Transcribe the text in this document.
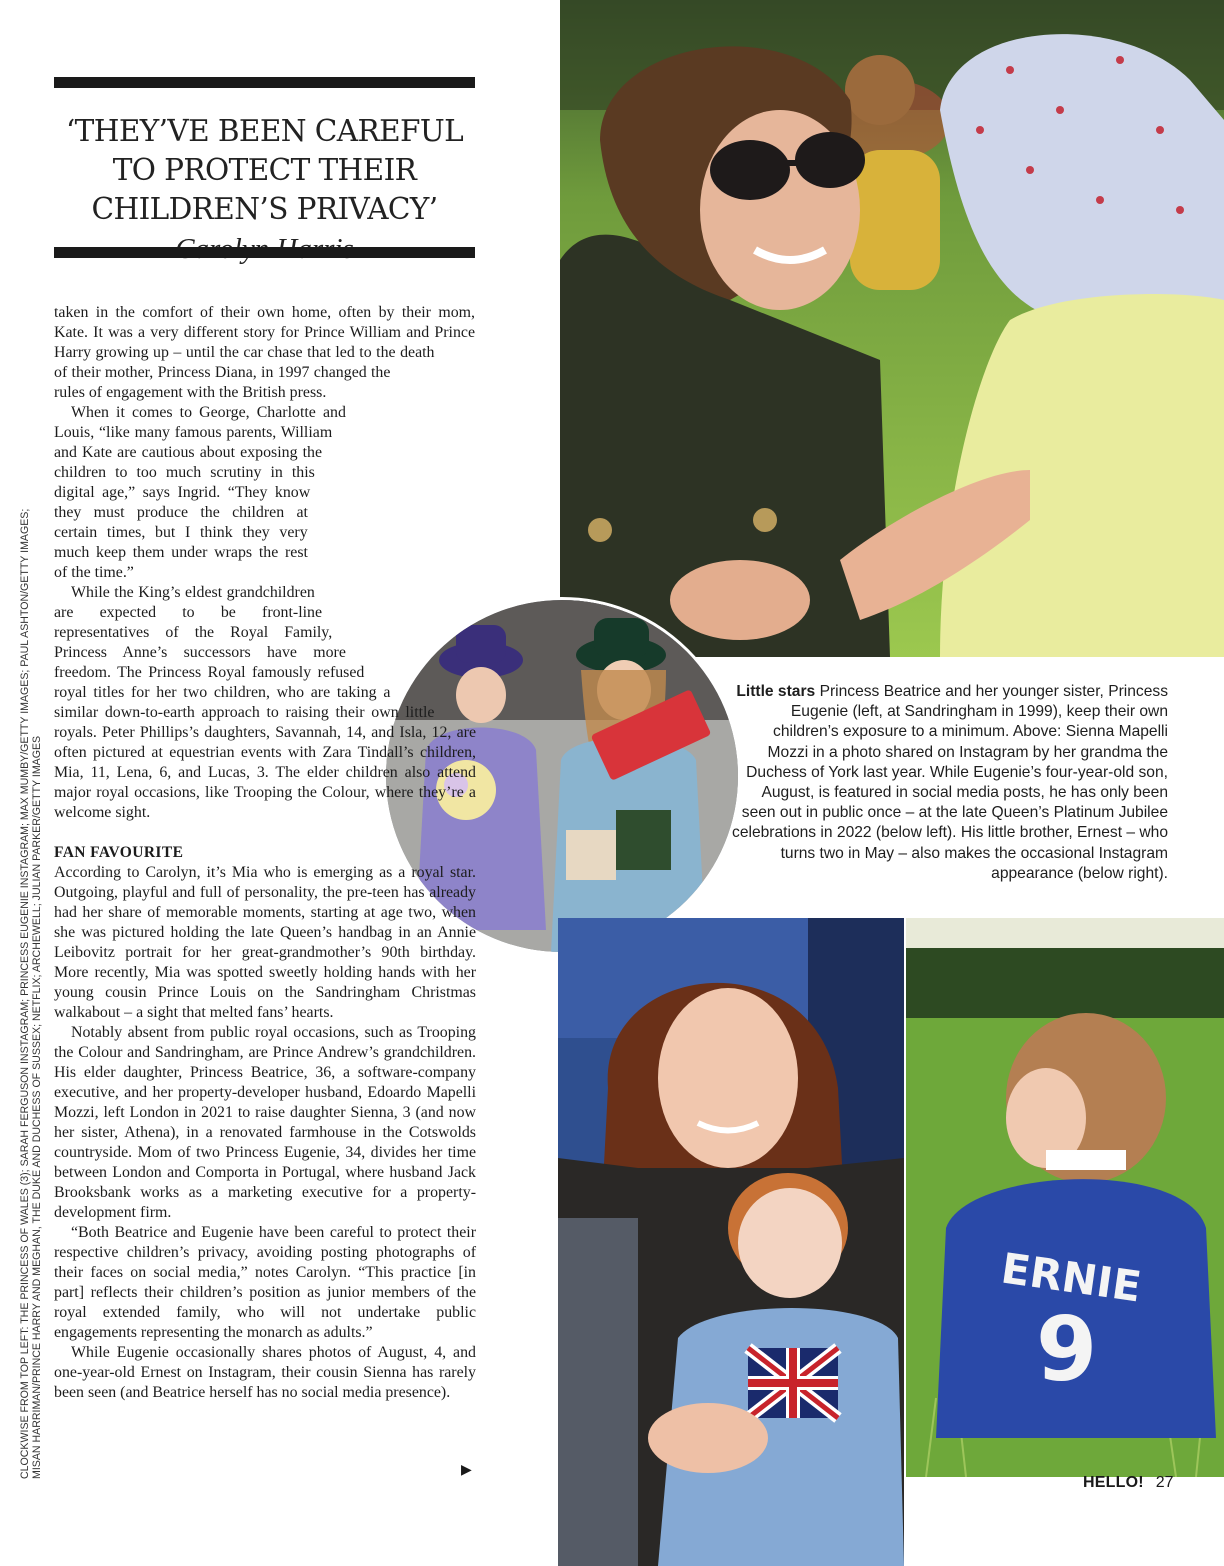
‘THEY’VE BEEN CAREFUL TO PROTECT THEIR CHILDREN’S PRIVACY’
Little stars Princess Beatrice and her younger sister, Princess Eugenie (left, at Sandringham in 1999), keep their own children’s exposure to a minimum. Above: Sienna Mapelli Mozzi in a photo shared on Instagram by her grandma the Duchess of York last year. While Eugenie’s four-year-old son, August, is featured in social media posts, he has only been seen out in public once – at the late Queen’s Platinum Jubilee celebrations in 2022 (below left). His little brother, Ernest – who turns two in May – also makes the occasional Instagram appearance (below right).
ERNIE
9

taken in the comfort of their own home, often by their mom, Kate. It was a very different story for Prince William and Prince Harry growing up – until the car chase that led to the death of their mother, Princess Diana, in 1997 changed the rules of engagement with the British press.

When it comes to George, Charlotte and Louis, “like many famous parents, William and Kate are cautious about exposing the children to too much scrutiny in this digital age,” says Ingrid. “They know they must produce the children at certain times, but I think they very much keep them under wraps the rest of the time.”

While the King’s eldest grandchildren are expected to be front-line representatives of the Royal Family, Princess Anne’s successors have more freedom. The Princess Royal famously refused royal titles for her two children, who are taking a similar down-to-earth approach to raising their own little royals. Peter Phillips’s daughters, Savannah, 14, and Isla, 12, are often pictured at equestrian events with Zara Tindall’s children, Mia, 11, Lena, 6, and Lucas, 3. The elder children also attend major royal occasions, like Trooping the Colour, where they’re a welcome sight.

FAN FAVOURITE

According to Carolyn, it’s Mia who is emerging as a royal star. Outgoing, playful and full of personality, the pre-teen has already had her share of memorable moments, starting at age two, when she was pictured holding the late Queen’s handbag in an Annie Leibovitz portrait for her great-grandmother’s 90th birthday. More recently, Mia was spotted sweetly holding hands with her young cousin Prince Louis on the Sandringham Christmas walkabout – a sight that melted fans’ hearts.

Notably absent from public royal occasions, such as Trooping the Colour and Sandringham, are Prince Andrew’s grandchildren. His elder daughter, Princess Beatrice, 36, a software-company executive, and her property-developer husband, Edoardo Mapelli Mozzi, left London in 2021 to raise daughter Sienna, 3 (and now her sister, Athena), in a renovated farmhouse in the Cotswolds countryside. Mom of two Princess Eugenie, 34, divides her time between London and Comporta in Portugal, where husband Jack Brooksbank works as a marketing executive for a property-development firm.

“Both Beatrice and Eugenie have been careful to protect their respective children’s privacy, avoiding posting photographs of their faces on social media,” notes Carolyn. “This practice [in part] reflects their children’s position as junior members of the royal extended family, who will not undertake public engagements representing the monarch as adults.”

While Eugenie occasionally shares photos of August, 4, and one-year-old Ernest on Instagram, their cousin Sienna has rarely been seen (and Beatrice herself has no social media presence).

▶
CLOCKWISE FROM TOP LEFT: THE PRINCESS OF WALES (3); SARAH FERGUSON INSTAGRAM; PRINCESS EUGENIE INSTAGRAM; MAX MUMBY/GETTY IMAGES; PAUL ASHTON/GETTY IMAGES; MISAN HARRIMAN/PRINCE HARRY AND MEGHAN, THE DUKE AND DUCHESS OF SUSSEX; NETFLIX; ARCHEWELL; JULIAN PARKER/GETTY IMAGES
HELLO! 27
